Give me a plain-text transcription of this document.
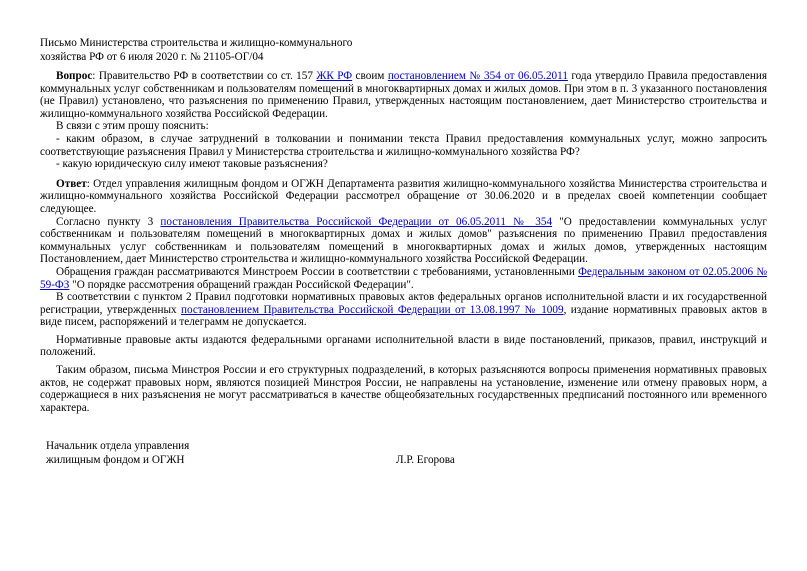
Письмо Министерства строительства и жилищно-коммунального
хозяйства РФ от 6 июля 2020 г. № 21105-ОГ/04

Вопрос: Правительство РФ в соответствии со ст. 157 ЖК РФ своим постановлением № 354 от 06.05.2011 года утвердило Правила предоставления коммунальных услуг собственникам и пользователям помещений в многоквартирных домах и жилых домов. При этом в п. 3 указанного постановления (не Правил) установлено, что разъяснения по применению Правил, утвержденных настоящим постановлением, дает Министерство строительства и жилищно-коммунального хозяйства Российской Федерации.

В связи с этим прошу пояснить:

- каким образом, в случае затруднений в толковании и понимании текста Правил предоставления коммунальных услуг, можно запросить соответствующие разъяснения Правил у Министерства строительства и жилищно-коммунального хозяйства РФ?

- какую юридическую силу имеют таковые разъяснения?

Ответ: Отдел управления жилищным фондом и ОГЖН Департамента развития жилищно-коммунального хозяйства Министерства строительства и жилищно-коммунального хозяйства Российской Федерации рассмотрел обращение от 30.06.2020 и в пределах своей компетенции сообщает следующее.

Согласно пункту 3 постановления Правительства Российской Федерации от 06.05.2011 № 354 "О предоставлении коммунальных услуг собственникам и пользователям помещений в многоквартирных домах и жилых домов" разъяснения по применению Правил предоставления коммунальных услуг собственникам и пользователям помещений в многоквартирных домах и жилых домов, утвержденных настоящим Постановлением, дает Министерство строительства и жилищно-коммунального хозяйства Российской Федерации.

Обращения граждан рассматриваются Минстроем России в соответствии с требованиями, установленными Федеральным законом от 02.05.2006 № 59-ФЗ "О порядке рассмотрения обращений граждан Российской Федерации".

В соответствии с пунктом 2 Правил подготовки нормативных правовых актов федеральных органов исполнительной власти и их государственной регистрации, утвержденных постановлением Правительства Российской Федерации от 13.08.1997 № 1009, издание нормативных правовых актов в виде писем, распоряжений и телеграмм не допускается.

Нормативные правовые акты издаются федеральными органами исполнительной власти в виде постановлений, приказов, правил, инструкций и положений.

Таким образом, письма Минстроя России и его структурных подразделений, в которых разъясняются вопросы применения нормативных правовых актов, не содержат правовых норм, являются позицией Минстроя России, не направлены на установление, изменение или отмену правовых норм, а содержащиеся в них разъяснения не могут рассматриваться в качестве общеобязательных государственных предписаний постоянного или временного характера.

Начальник отдела управления
жилищным фондом и ОГЖН	Л.Р. Егорова
